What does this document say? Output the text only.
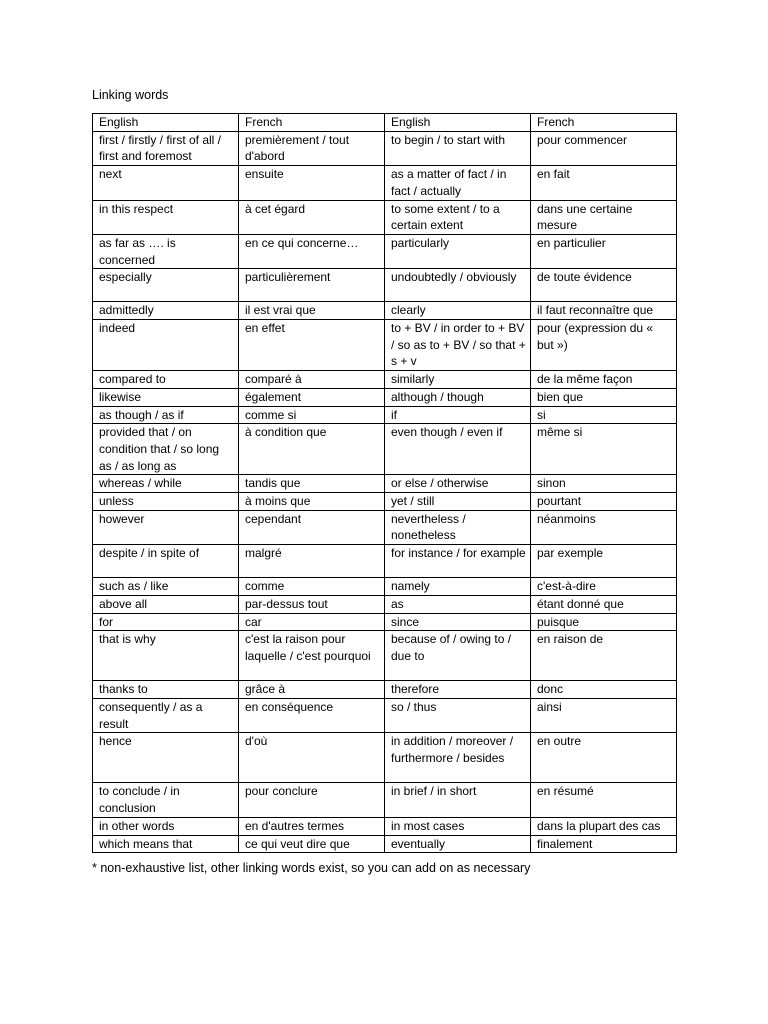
Linking words
English	French	English	French
first / firstly / first of all / first and foremost	premièrement / tout d'abord	to begin / to start with	pour commencer
next	ensuite	as a matter of fact / in fact / actually	en fait
in this respect	à cet égard	to some extent / to a certain extent	dans une certaine mesure
as far as …. is concerned	en ce qui concerne…	particularly	en particulier
especially	particulièrement	undoubtedly / obviously	de toute évidence
admittedly	il est vrai que	clearly	il faut reconnaître que
indeed	en effet	to + BV / in order to + BV / so as to + BV / so that + s + v	pour (expression du « but »)
compared to	comparé à	similarly	de la même façon
likewise	également	although / though	bien que
as though / as if	comme si	if	si
provided that / on condition that / so long as / as long as	à condition que	even though / even if	même si
whereas / while	tandis que	or else / otherwise	sinon
unless	à moins que	yet / still	pourtant
however	cependant	nevertheless / nonetheless	néanmoins
despite / in spite of	malgré	for instance / for example	par exemple
such as / like	comme	namely	c'est-à-dire
above all	par-dessus tout	as	étant donné que
for	car	since	puisque
that is why	c'est la raison pour laquelle / c'est pourquoi	because of / owing to / due to	en raison de
thanks to	grâce à	therefore	donc
consequently / as a result	en conséquence	so / thus	ainsi
hence	d'où	in addition / moreover / furthermore / besides	en outre
to conclude / in conclusion	pour conclure	in brief / in short	en résumé
in other words	en d'autres termes	in most cases	dans la plupart des cas
which means that	ce qui veut dire que	eventually	finalement
* non-exhaustive list, other linking words exist, so you can add on as necessary
